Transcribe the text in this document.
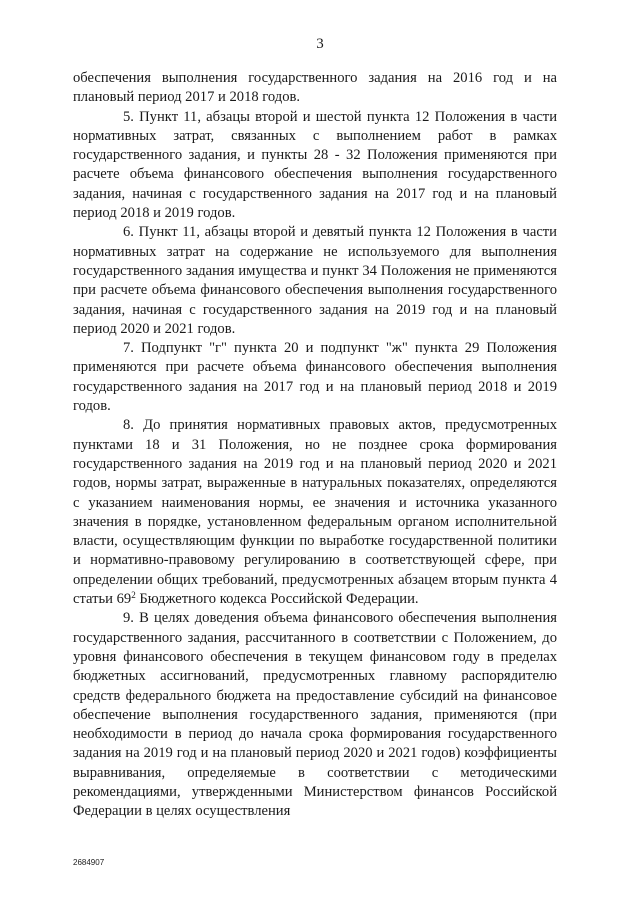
3

обеспечения выполнения государственного задания на 2016 год и на плановый период 2017 и 2018 годов.

5. Пункт 11, абзацы второй и шестой пункта 12 Положения в части нормативных затрат, связанных с выполнением работ в рамках государственного задания, и пункты 28 - 32 Положения применяются при расчете объема финансового обеспечения выполнения государственного задания, начиная с государственного задания на 2017 год и на плановый период 2018 и 2019 годов.

6. Пункт 11, абзацы второй и девятый пункта 12 Положения в части нормативных затрат на содержание не используемого для выполнения государственного задания имущества и пункт 34 Положения не применяются при расчете объема финансового обеспечения выполнения государственного задания, начиная с государственного задания на 2019 год и на плановый период 2020 и 2021 годов.

7. Подпункт "г" пункта 20 и подпункт "ж" пункта 29 Положения применяются при расчете объема финансового обеспечения выполнения государственного задания на 2017 год и на плановый период 2018 и 2019 годов.

8. До принятия нормативных правовых актов, предусмотренных пунктами 18 и 31 Положения, но не позднее срока формирования государственного задания на 2019 год и на плановый период 2020 и 2021 годов, нормы затрат, выраженные в натуральных показателях, определяются с указанием наименования нормы, ее значения и источника указанного значения в порядке, установленном федеральным органом исполнительной власти, осуществляющим функции по выработке государственной политики и нормативно-правовому регулированию в соответствующей сфере, при определении общих требований, предусмотренных абзацем вторым пункта 4 статьи $69^2$ Бюджетного кодекса Российской Федерации.

9. В целях доведения объема финансового обеспечения выполнения государственного задания, рассчитанного в соответствии с Положением, до уровня финансового обеспечения в текущем финансовом году в пределах бюджетных ассигнований, предусмотренных главному распорядителю средств федерального бюджета на предоставление субсидий на финансовое обеспечение выполнения государственного задания, применяются (при необходимости в период до начала срока формирования государственного задания на 2019 год и на плановый период 2020 и 2021 годов) коэффициенты выравнивания, определяемые в соответствии с методическими рекомендациями, утвержденными Министерством финансов Российской Федерации в целях осуществления

2684907
